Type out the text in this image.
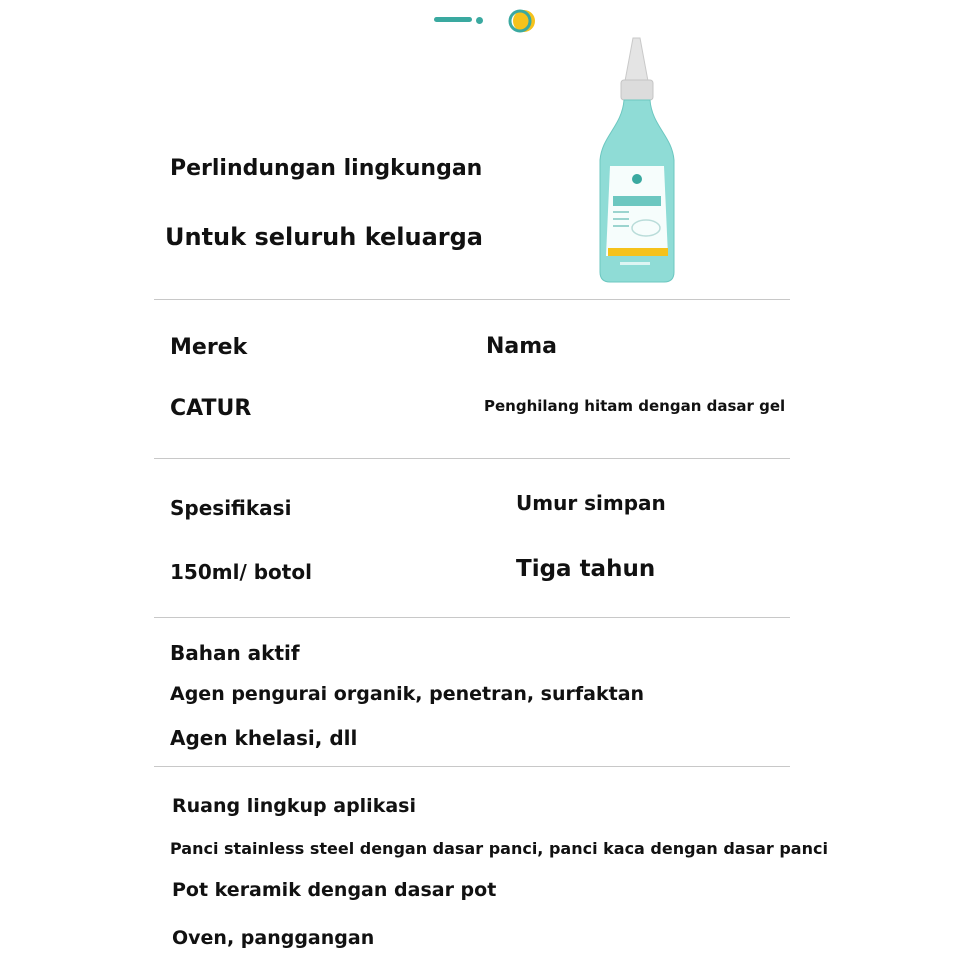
Perlindungan lingkungan
Untuk seluruh keluarga
Merek	Nama
CATUR	Penghilang hitam dengan dasar gel
Spesifikasi	Umur simpan
150ml/ botol	Tiga tahun
Bahan aktif
Agen pengurai organik, penetran, surfaktan
Agen khelasi, dll
Ruang lingkup aplikasi
Panci stainless steel dengan dasar panci, panci kaca dengan dasar panci
Pot keramik dengan dasar pot
Oven, panggangan
